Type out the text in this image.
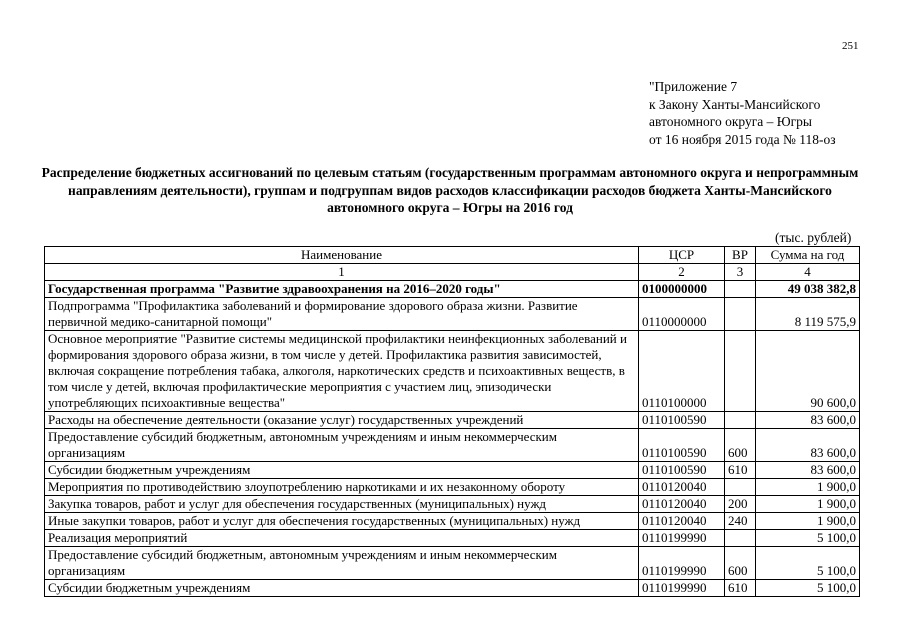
251
"Приложение 7
к Закону Ханты-Мансийского
автономного округа – Югры
от 16 ноября 2015 года № 118-оз
Распределение бюджетных ассигнований по целевым статьям (государственным программам автономного округа и непрограммным направлениям деятельности), группам и подгруппам видов расходов классификации расходов бюджета Ханты-Мансийского автономного округа – Югры на 2016 год
(тыс. рублей)
Наименование	ЦСР	ВР	Сумма на год
1	2	3	4
Государственная программа "Развитие здравоохранения на 2016–2020 годы"	0100000000		49 038 382,8
Подпрограмма "Профилактика заболеваний и формирование здорового образа жизни. Развитие первичной медико-санитарной помощи"	0110000000		8 119 575,9
Основное мероприятие "Развитие системы медицинской профилактики неинфекционных заболеваний и формирования здорового образа жизни, в том числе у детей. Профилактика развития зависимостей, включая сокращение потребления табака, алкоголя, наркотических средств и психоактивных веществ, в том числе у детей, включая профилактические мероприятия с участием лиц, эпизодически употребляющих психоактивные вещества"	0110100000		90 600,0
Расходы на обеспечение деятельности (оказание услуг) государственных учреждений	0110100590		83 600,0
Предоставление субсидий бюджетным, автономным учреждениям и иным некоммерческим организациям	0110100590	600	83 600,0
Субсидии бюджетным учреждениям	0110100590	610	83 600,0
Мероприятия по противодействию злоупотреблению наркотиками и их незаконному обороту	0110120040		1 900,0
Закупка товаров, работ и услуг для обеспечения государственных (муниципальных) нужд	0110120040	200	1 900,0
Иные закупки товаров, работ и услуг для обеспечения государственных (муниципальных) нужд	0110120040	240	1 900,0
Реализация мероприятий	0110199990		5 100,0
Предоставление субсидий бюджетным, автономным учреждениям и иным некоммерческим организациям	0110199990	600	5 100,0
Субсидии бюджетным учреждениям	0110199990	610	5 100,0
